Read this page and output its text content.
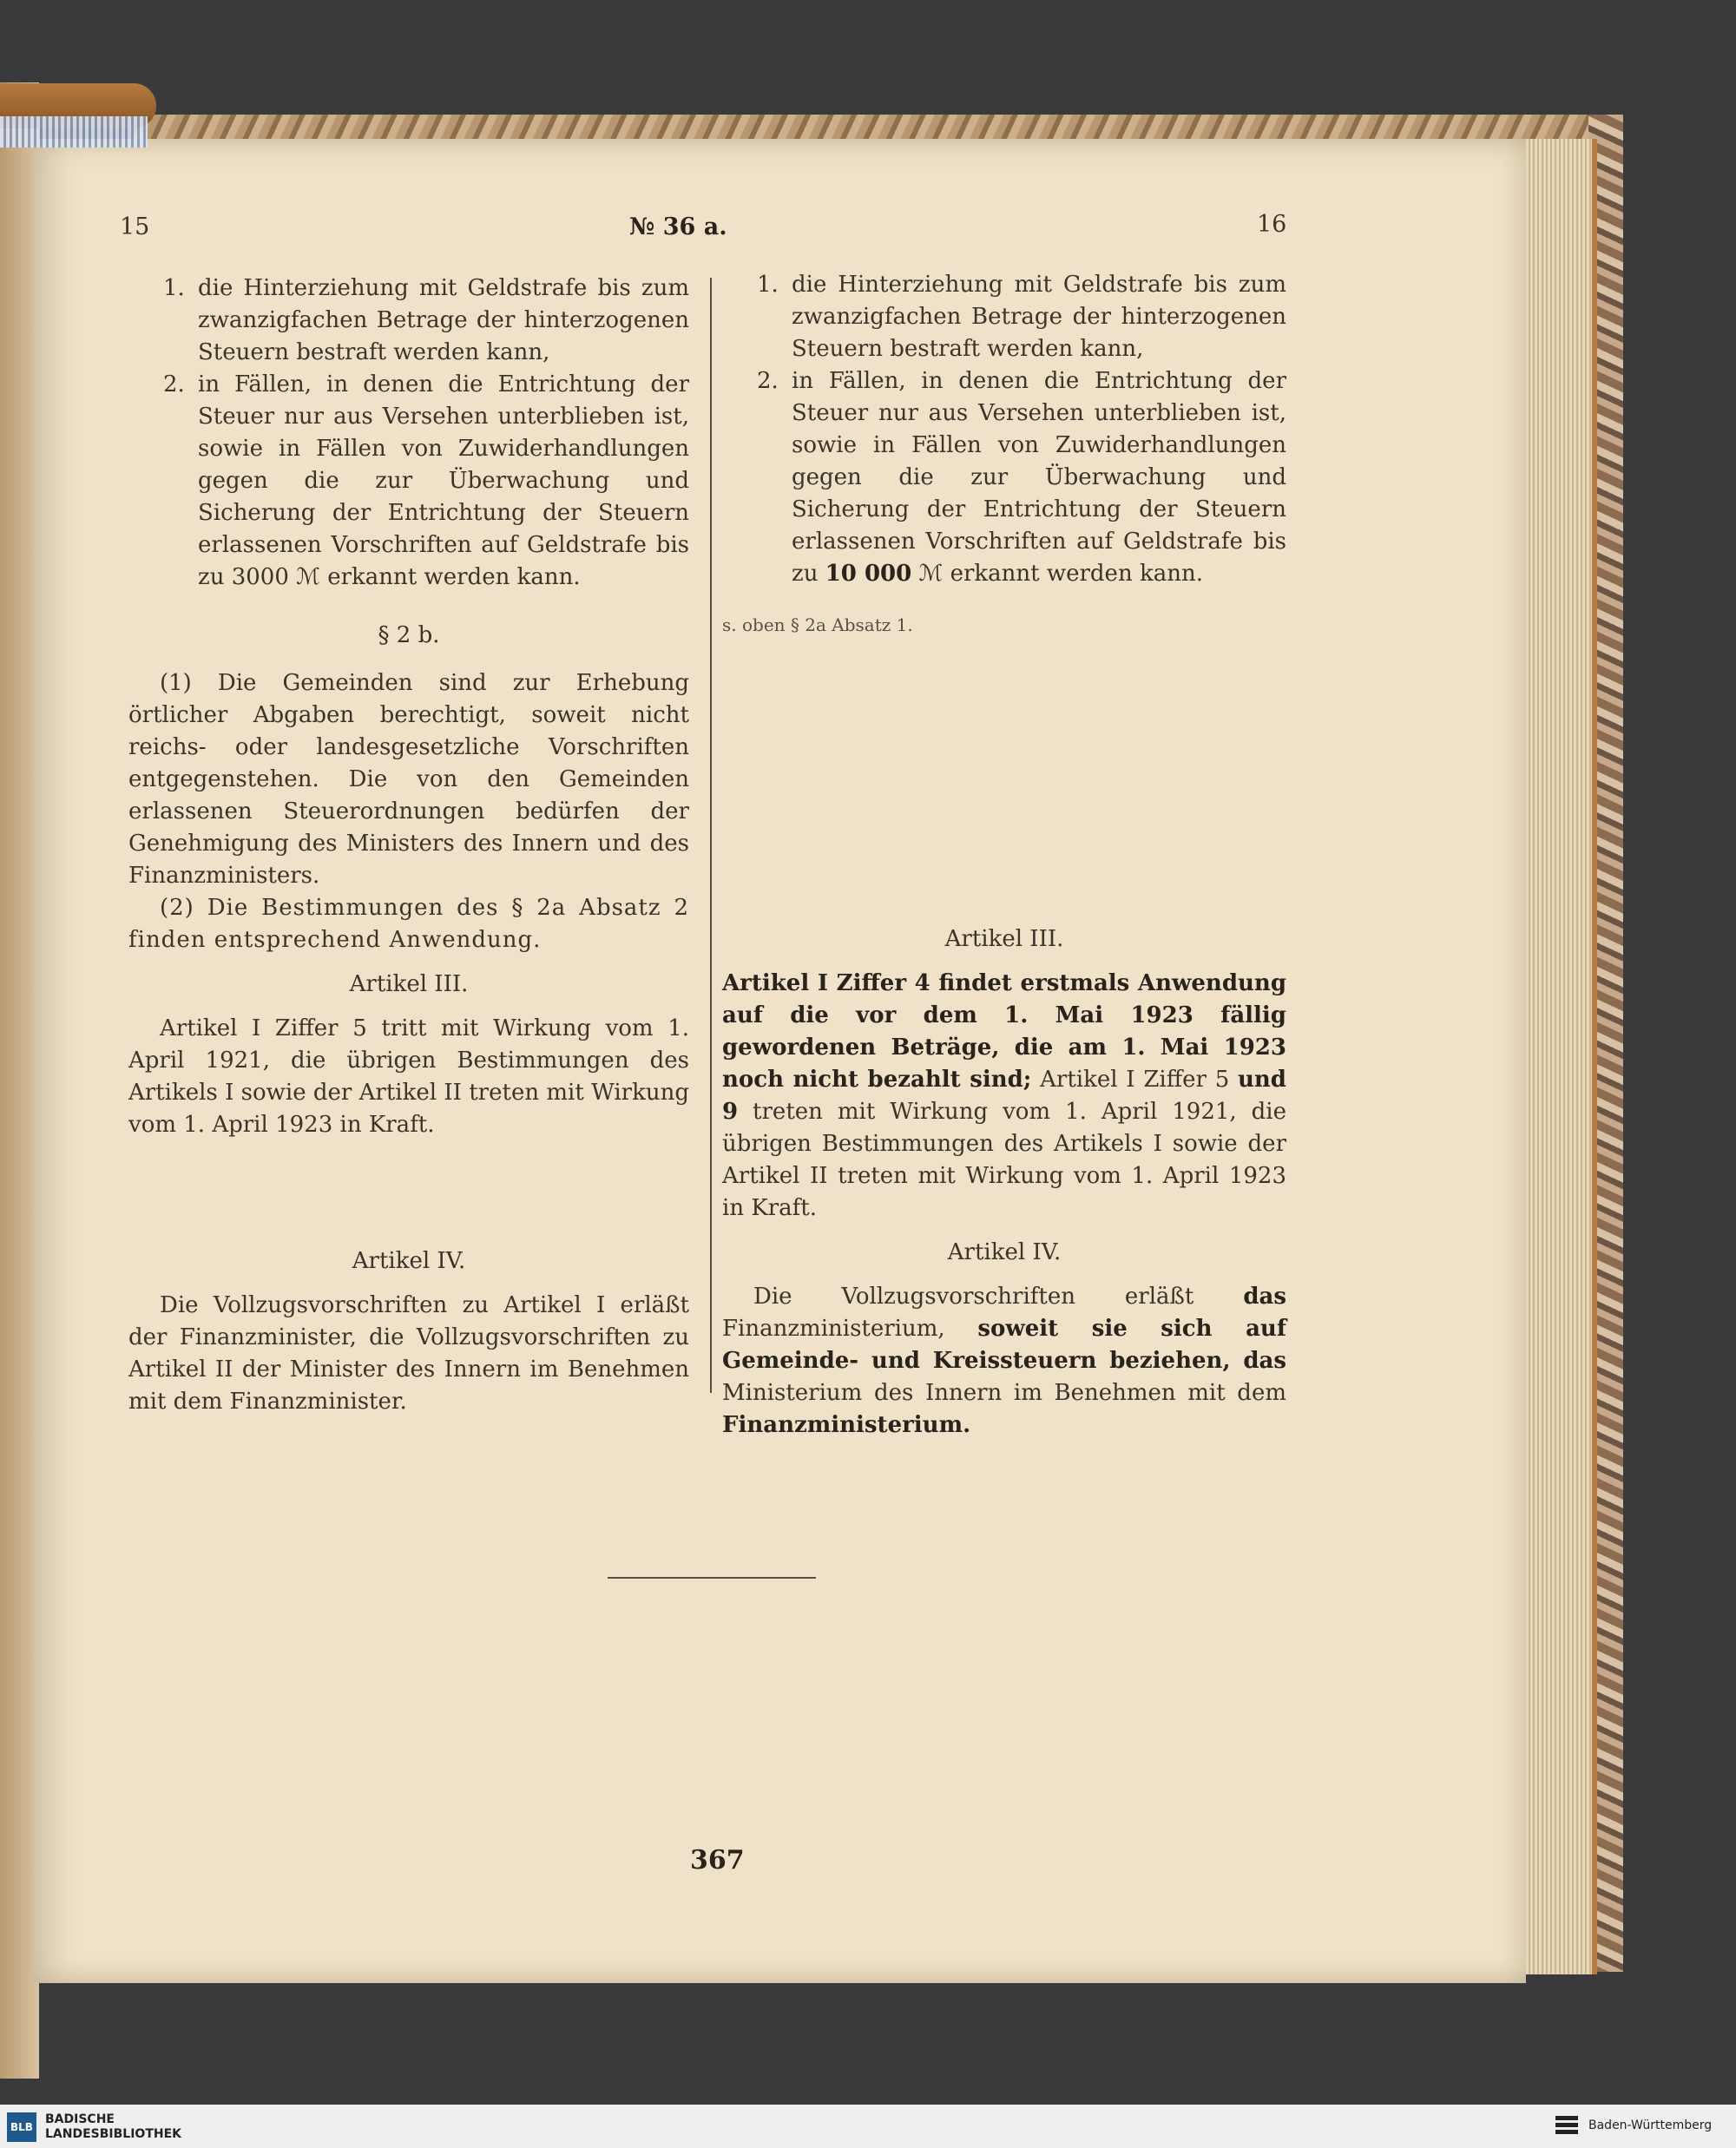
15	№ 36 a.	16
1. die Hinterziehung mit Geldstrafe bis zum zwanzigfachen Betrage der hinterzogenen Steuern bestraft werden kann,

2. in Fällen, in denen die Entrichtung der Steuer nur aus Versehen unterblieben ist, sowie in Fällen von Zuwiderhandlungen gegen die zur Überwachung und Sicherung der Entrichtung der Steuern erlassenen Vorschriften auf Geldstrafe bis zu 3000 ℳ erkannt werden kann.

§ 2 b.

(1) Die Gemeinden sind zur Erhebung örtlicher Abgaben berechtigt, soweit nicht reichs- oder landesgesetzliche Vorschriften entgegenstehen. Die von den Gemeinden erlassenen Steuerordnungen bedürfen der Genehmigung des Ministers des Innern und des Finanzministers.

(2) Die Bestimmungen des § 2a Absatz 2 finden entsprechend Anwendung.

Artikel III.

Artikel I Ziffer 5 tritt mit Wirkung vom 1. April 1921, die übrigen Bestimmungen des Artikels I sowie der Artikel II treten mit Wirkung vom 1. April 1923 in Kraft.

Artikel IV.

Die Vollzugsvorschriften zu Artikel I erläßt der Finanzminister, die Vollzugsvorschriften zu Artikel II der Minister des Innern im Benehmen mit dem Finanzminister.

1. die Hinterziehung mit Geldstrafe bis zum zwanzigfachen Betrage der hinterzogenen Steuern bestraft werden kann,

2. in Fällen, in denen die Entrichtung der Steuer nur aus Versehen unterblieben ist, sowie in Fällen von Zuwiderhandlungen gegen die zur Überwachung und Sicherung der Entrichtung der Steuern erlassenen Vorschriften auf Geldstrafe bis zu 10 000 ℳ erkannt werden kann.

s. oben § 2a Absatz 1.

Artikel III.

Artikel I Ziffer 4 findet erstmals Anwendung auf die vor dem 1. Mai 1923 fällig gewordenen Beträge, die am 1. Mai 1923 noch nicht bezahlt sind; Artikel I Ziffer 5 und 9 treten mit Wirkung vom 1. April 1921, die übrigen Bestimmungen des Artikels I sowie der Artikel II treten mit Wirkung vom 1. April 1923 in Kraft.

Artikel IV.

Die Vollzugsvorschriften erläßt das Finanzministerium, soweit sie sich auf Gemeinde- und Kreissteuern beziehen, das Ministerium des Innern im Benehmen mit dem Finanzministerium.

367
BLB
BADISCHE
LANDESBIBLIOTHEK
Baden-Württemberg
